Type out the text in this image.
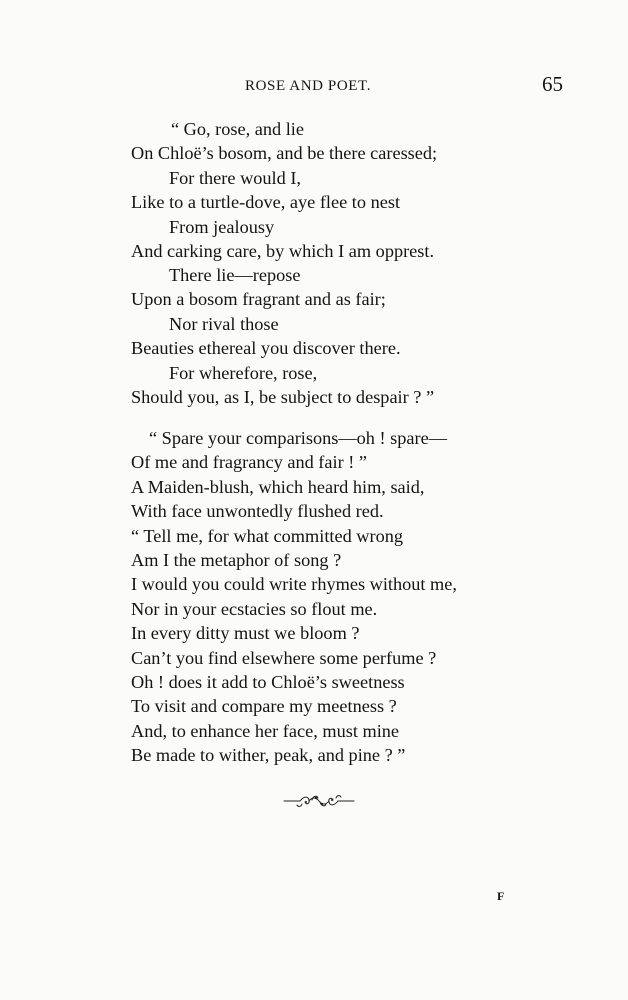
ROSE AND POET.	65
“ Go, rose, and lie
On Chloë’s bosom, and be there caressed;
For there would I,
Like to a turtle-dove, aye flee to nest
From jealousy
And carking care, by which I am opprest.
There lie—repose
Upon a bosom fragrant and as fair;
Nor rival those
Beauties ethereal you discover there.
For wherefore, rose,
Should you, as I, be subject to despair ? ”
“ Spare your comparisons—oh ! spare—
Of me and fragrancy and fair ! ”
A Maiden-blush, which heard him, said,
With face unwontedly flushed red.
“ Tell me, for what committed wrong
Am I the metaphor of song ?
I would you could write rhymes without me,
Nor in your ecstacies so flout me.
In every ditty must we bloom ?
Can’t you find elsewhere some perfume ?
Oh ! does it add to Chloë’s sweetness
To visit and compare my meetness ?
And, to enhance her face, must mine
Be made to wither, peak, and pine ? ”
F
